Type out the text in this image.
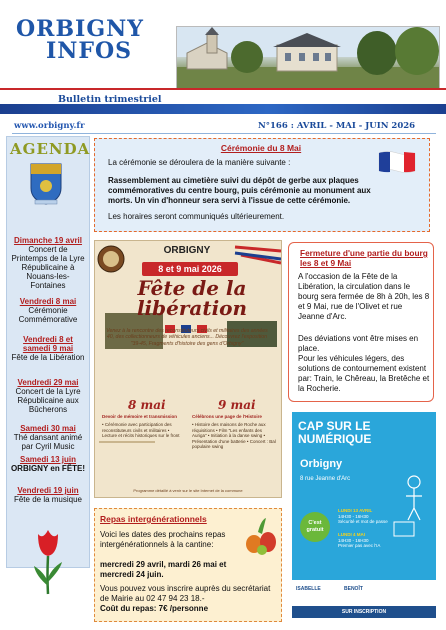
ORBIGNY
INFOS
Bulletin trimestriel
www.orbigny.fr	N°166 : AVRIL - MAI - JUIN 2026
AGENDA
Dimanche 19 avril
Concert de Printemps de la Lyre Républicaine à Nouans-les-Fontaines
Vendredi 8 mai
Cérémonie Commémorative
Vendredi 8 et samedi 9 mai
Fête de la Libération
Vendredi 29 mai
Concert de la Lyre Républicaine aux Bûcherons
Samedi 30 mai
Thé dansant animé par Cyril Music
Samedi 13 juin
ORBIGNY en FÊTE!
Vendredi 19 juin
Fête de la musique
Cérémonie du 8 Mai
La cérémonie se déroulera de la manière suivante :
Rassemblement au cimetière suivi du dépôt de gerbe aux plaques commémoratives du centre bourg, puis cérémonie au monument aux morts. Un vin d'honneur sera servi à l'issue de cette cérémonie.
Les horaires seront communiqués ultérieurement.
ORBIGNY
8 et 9 mai 2026
Fête de la
libération
Venez à la rencontre des reconstituteurs civils et militaires des années 40, des collectionneurs de véhicules anciens... Découvrez l'exposition "39-45, Fragments d'histoire des gens d'Orbigny"
8 mai
Devoir de mémoire et transmission
• Cérémonie avec participation des reconstituteurs civils et militaires • Lecture et récits historiques sur le front
9 mai
Célébrons une page de l'Histoire
• Histoire des maisons de Roche aux réquisitions • Film "Les enfants des Auriga" • Initiation à la danse swing • Présentation d'une batterie • Concert : Bal populaire swing
Programme détaillé à venir sur le site Internet de la commune
Fermeture d'une partie du bourg les 8 et 9 Mai
A l'occasion de la Fête de la Libération, la circulation dans le bourg sera fermée de 8h à 20h, les 8 et 9 Mai, rue de l'Olivet et rue Jeanne d'Arc.
Des déviations vont être mises en place.
Pour les véhicules légers, des solutions de contournement existent par: Train, le Chêreau, la Bretêche et la Rocherie.
CAP SUR LE NUMÉRIQUE
Orbigny
8 rue Jeanne d'Arc
C'est gratuit
LUNDI 13 AVRIL
14H30 - 16H30
Sécurité et mot de passe
LUNDI 4 MAI
14H30 - 16H30
Premier pas avec l'IA
ISABELLE	BENOÎT
SUR INSCRIPTION
Repas intergénérationnels
Voici les dates des prochains repas intergénérationnels à la cantine:
mercredi 29 avril, mardi 26 mai et mercredi 24 juin.
Vous pouvez vous inscrire auprès du secrétariat de Mairie au 02 47 94 23 18.-
Coût du repas: 7€ /personne
